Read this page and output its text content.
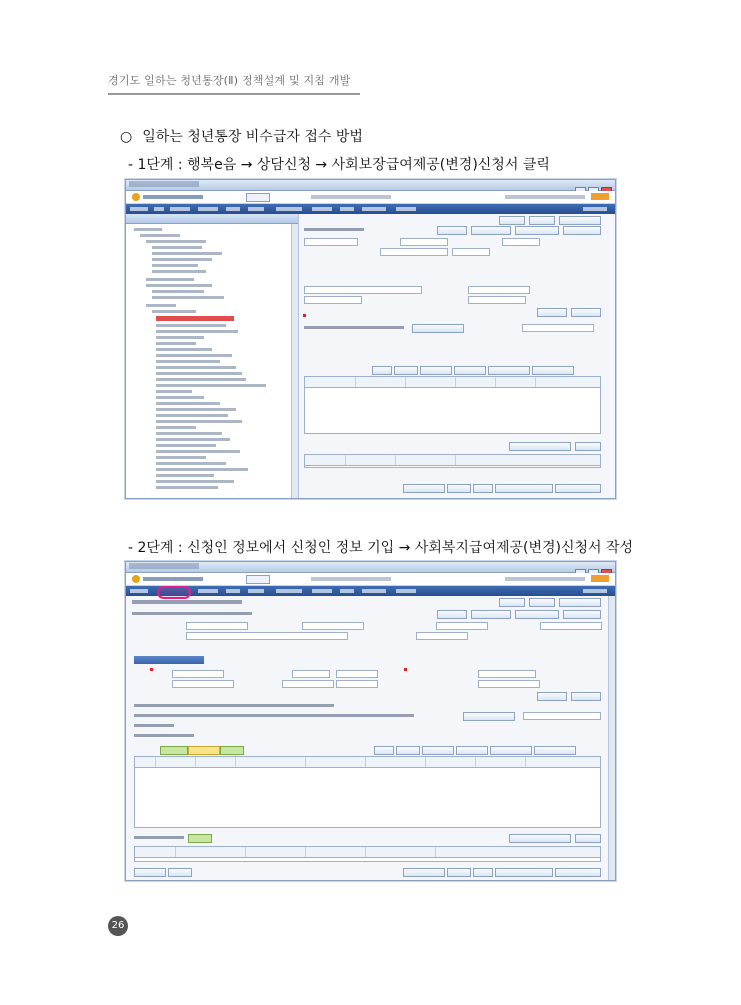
경기도 일하는 청년통장(Ⅱ) 정책설계 및 지침 개발
○ 일하는 청년통장 비수급자 접수 방법
- 1단계 : 행복e음 → 상담신청 → 사회보장급여제공(변경)신청서 클릭
- 2단계 : 신청인 정보에서 신청인 정보 기입 → 사회복지급여제공(변경)신청서 작성
26
